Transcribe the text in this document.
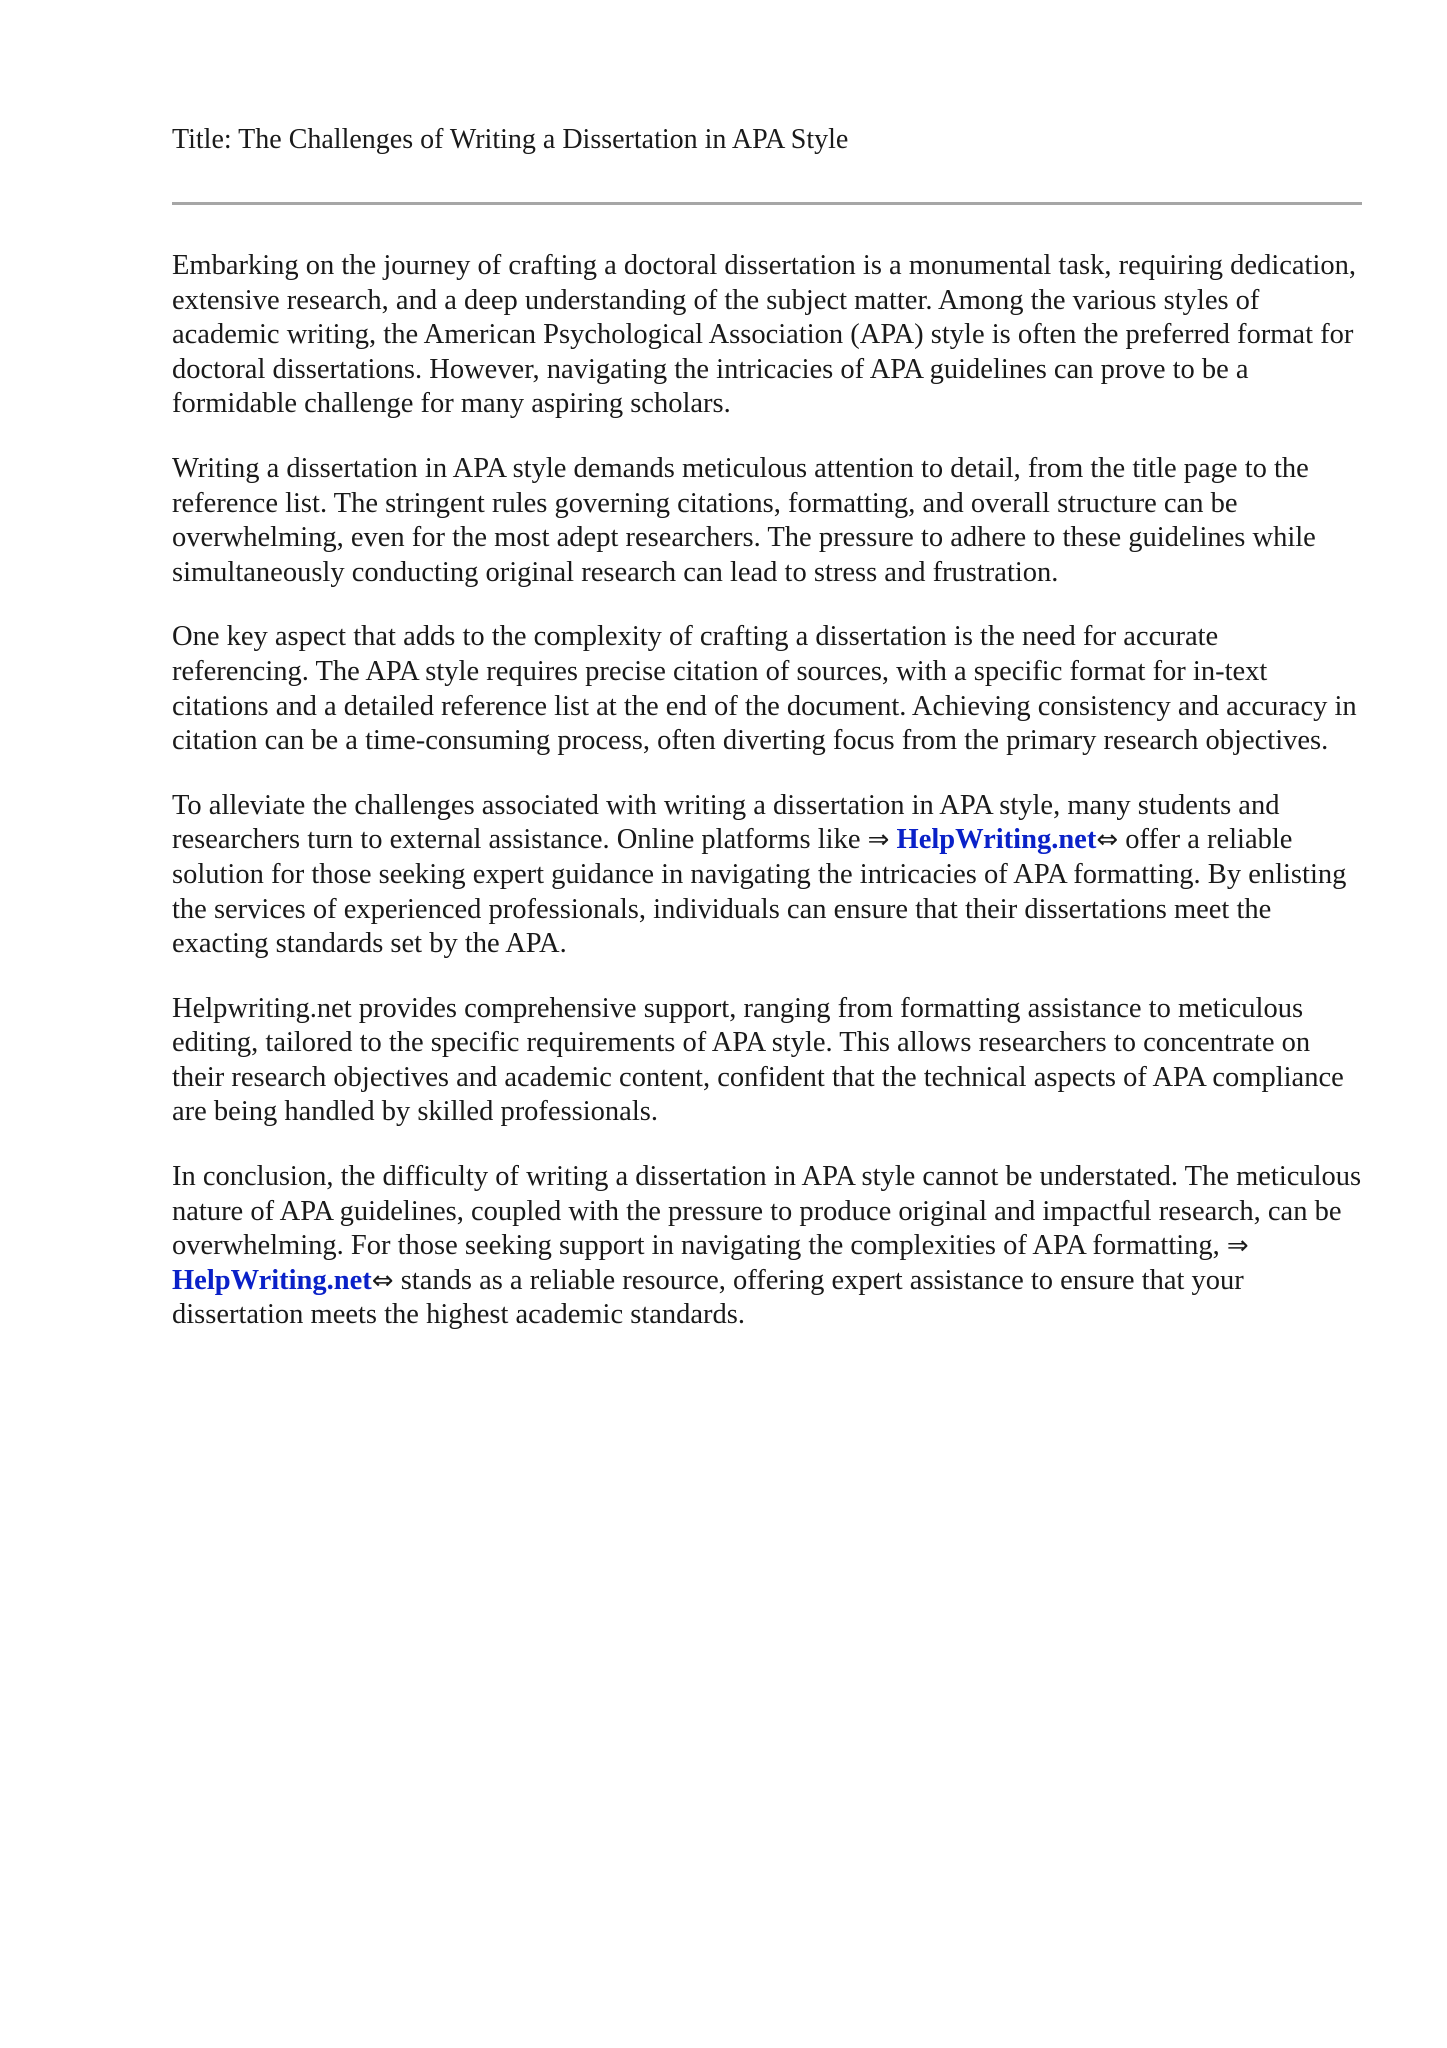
Title: The Challenges of Writing a Dissertation in APA Style

Embarking on the journey of crafting a doctoral dissertation is a monumental task, requiring dedication, extensive research, and a deep understanding of the subject matter. Among the various styles of academic writing, the American Psychological Association (APA) style is often the preferred format for doctoral dissertations. However, navigating the intricacies of APA guidelines can prove to be a formidable challenge for many aspiring scholars.

Writing a dissertation in APA style demands meticulous attention to detail, from the title page to the reference list. The stringent rules governing citations, formatting, and overall structure can be overwhelming, even for the most adept researchers. The pressure to adhere to these guidelines while simultaneously conducting original research can lead to stress and frustration.

One key aspect that adds to the complexity of crafting a dissertation is the need for accurate referencing. The APA style requires precise citation of sources, with a specific format for in-text citations and a detailed reference list at the end of the document. Achieving consistency and accuracy in citation can be a time-consuming process, often diverting focus from the primary research objectives.

To alleviate the challenges associated with writing a dissertation in APA style, many students and researchers turn to external assistance. Online platforms like ⇒ HelpWriting.net⇔ offer a reliable solution for those seeking expert guidance in navigating the intricacies of APA formatting. By enlisting the services of experienced professionals, individuals can ensure that their dissertations meet the exacting standards set by the APA.

Helpwriting.net provides comprehensive support, ranging from formatting assistance to meticulous editing, tailored to the specific requirements of APA style. This allows researchers to concentrate on their research objectives and academic content, confident that the technical aspects of APA compliance are being handled by skilled professionals.

In conclusion, the difficulty of writing a dissertation in APA style cannot be understated. The meticulous nature of APA guidelines, coupled with the pressure to produce original and impactful research, can be overwhelming. For those seeking support in navigating the complexities of APA formatting, ⇒ HelpWriting.net⇔ stands as a reliable resource, offering expert assistance to ensure that your dissertation meets the highest academic standards.
